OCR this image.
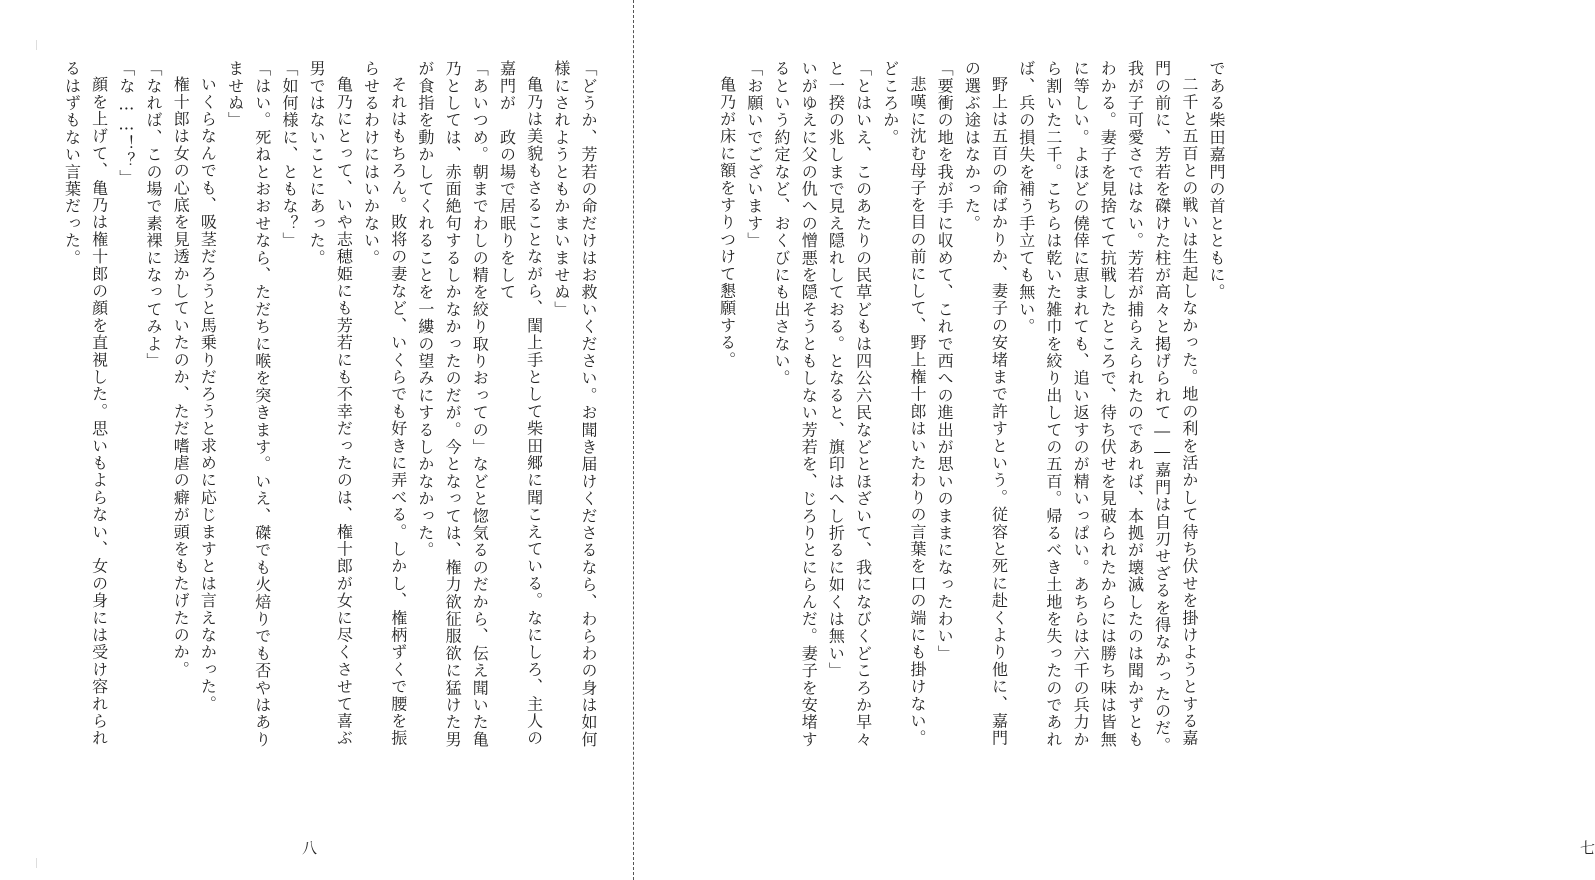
「どうか、芳若の命だけはお救いください。お聞き届けくださるなら、わらわの身は如何様にされようともかまいませぬ」

亀乃は美貌もさることながら、閨上手として柴田郷に聞こえている。なにしろ、主人の嘉門が　政の場で居眠りをして

「あいつめ。朝までわしの精を絞り取りおっての」などと惚気るのだから、伝え聞いた亀乃としては、赤面絶句するしかなかったのだが。今となっては、権力欲征服欲に猛けた男が食指を動かしてくれることを一縷の望みにするしかなかった。

それはもちろん。敗将の妻など、いくらでも好きに弄べる。しかし、権柄ずくで腰を振らせるわけにはいかない。

亀乃にとって、いや志穂姫にも芳若にも不幸だったのは、権十郎が女に尽くさせて喜ぶ男ではないことにあった。

「如何様に、ともな？」

「はい。死ねとおおせなら、ただちに喉を突きます。いえ、磔でも火焙りでも否やはありませぬ」

いくらなんでも、吸茎だろうと馬乗りだろうと求めに応じますとは言えなかった。

権十郎は女の心底を見透かしていたのか、ただ嗜虐の癖が頭をもたげたのか。

「なれば、この場で素裸になってみよ」

「な……！？」

顔を上げて、亀乃は権十郎の顔を直視した。思いもよらない、女の身には受け容れられるはずもない言葉だった。

八

である柴田嘉門の首とともに。

二千と五百との戦いは生起しなかった。地の利を活かして待ち伏せを掛けようとする嘉門の前に、芳若を磔けた柱が高々と掲げられて――嘉門は自刃せざるを得なかったのだ。

我が子可愛さではない。芳若が捕らえられたのであれば、本拠が壊滅したのは聞かずともわかる。妻子を見捨てて抗戦したところで、待ち伏せを見破られたからには勝ち味は皆無に等しい。よほどの僥倖に恵まれても、追い返すのが精いっぱい。あちらは六千の兵力から割いた二千。こちらは乾いた雑巾を絞り出しての五百。帰るべき土地を失ったのであれば、兵の損失を補う手立ても無い。

野上は五百の命ばかりか、妻子の安堵まで許すという。従容と死に赴くより他に、嘉門の選ぶ途はなかった。

「要衝の地を我が手に収めて、これで西への進出が思いのままになったわい」

悲嘆に沈む母子を目の前にして、野上権十郎はいたわりの言葉を口の端にも掛けない。どころか。

「とはいえ、このあたりの民草どもは四公六民などとほざいて、我になびくどころか早々と一揆の兆しまで見え隠れしておる。となると、旗印はへし折るに如くは無い」

いがゆえに父の仇への憎悪を隠そうともしない芳若を、じろりとにらんだ。妻子を安堵するという約定など、おくびにも出さない。

「お願いでございます」

亀乃が床に額をすりつけて懇願する。

七
